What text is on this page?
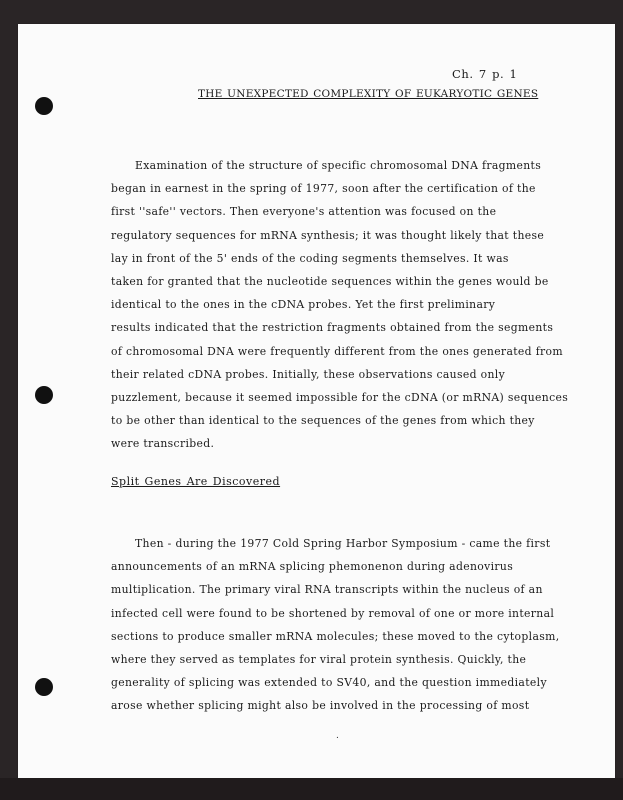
Ch. 7 p. 1
THE UNEXPECTED COMPLEXITY OF EUKARYOTIC GENES
Examination of the structure of specific chromosomal DNA fragments
began in earnest in the spring of 1977, soon after the certification of the
first ''safe'' vectors. Then everyone's attention was focused on the
regulatory sequences for mRNA synthesis; it was thought likely that these
lay in front of the 5' ends of the coding segments themselves. It was
taken for granted that the nucleotide sequences within the genes would be
identical to the ones in the cDNA probes. Yet the first preliminary
results indicated that the restriction fragments obtained from the segments
of chromosomal DNA were frequently different from the ones generated from
their related cDNA probes. Initially, these observations caused only
puzzlement, because it seemed impossible for the cDNA (or mRNA) sequences
to be other than identical to the sequences of the genes from which they
were transcribed.
Split Genes Are Discovered
Then - during the 1977 Cold Spring Harbor Symposium - came the first
announcements of an mRNA splicing phemonenon during adenovirus
multiplication. The primary viral RNA transcripts within the nucleus of an
infected cell were found to be shortened by removal of one or more internal
sections to produce smaller mRNA molecules; these moved to the cytoplasm,
where they served as templates for viral protein synthesis. Quickly, the
generality of splicing was extended to SV40, and the question immediately
arose whether splicing might also be involved in the processing of most
.
